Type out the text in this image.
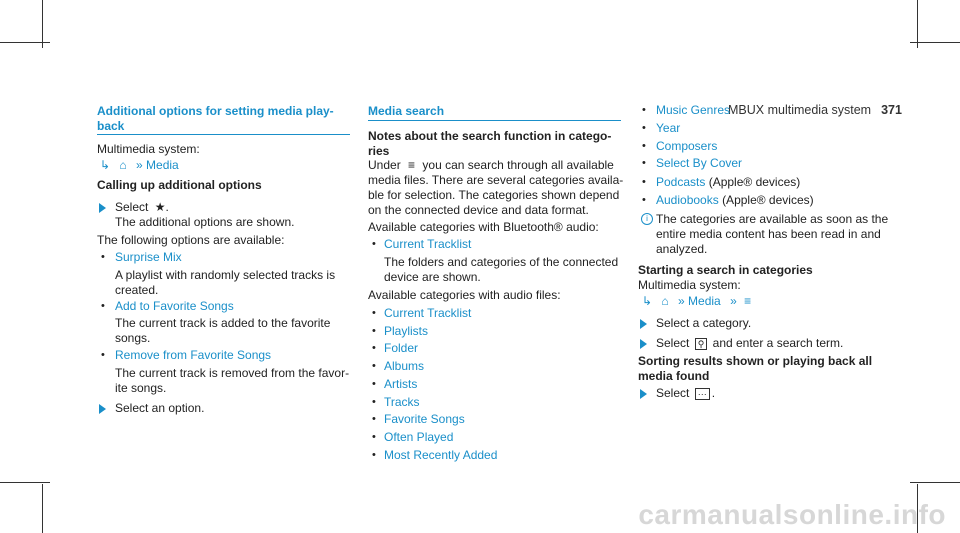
MBUX multimedia system 371
Additional options for setting media play-
back
Multimedia system:
↳ ⌂ » Media
Calling up additional options
Select ★.
The additional options are shown.
The following options are available:
• Surprise Mix
A playlist with randomly selected tracks is
created.
• Add to Favorite Songs
The current track is added to the favorite
songs.
• Remove from Favorite Songs
The current track is removed from the favor-
ite songs.
Select an option.
Media search
Notes about the search function in catego-
ries
Under ≡ you can search through all available
media files. There are several categories availa-
ble for selection. The categories shown depend
on the connected device and data format.
Available categories with Bluetooth® audio:
• Current Tracklist
The folders and categories of the connected
device are shown.
Available categories with audio files:
• Current Tracklist
• Playlists
• Folder
• Albums
• Artists
• Tracks
• Favorite Songs
• Often Played
• Most Recently Added
• Music Genres
• Year
• Composers
• Select By Cover
• Podcasts (Apple® devices)
• Audiobooks (Apple® devices)
i The categories are available as soon as the
entire media content has been read in and
analyzed.
Starting a search in categories
Multimedia system:
↳ ⌂ » Media » ≡
Select a category.
Select ⚲ and enter a search term.
Sorting results shown or playing back all
media found
Select ··· .
carmanualsonline.info
